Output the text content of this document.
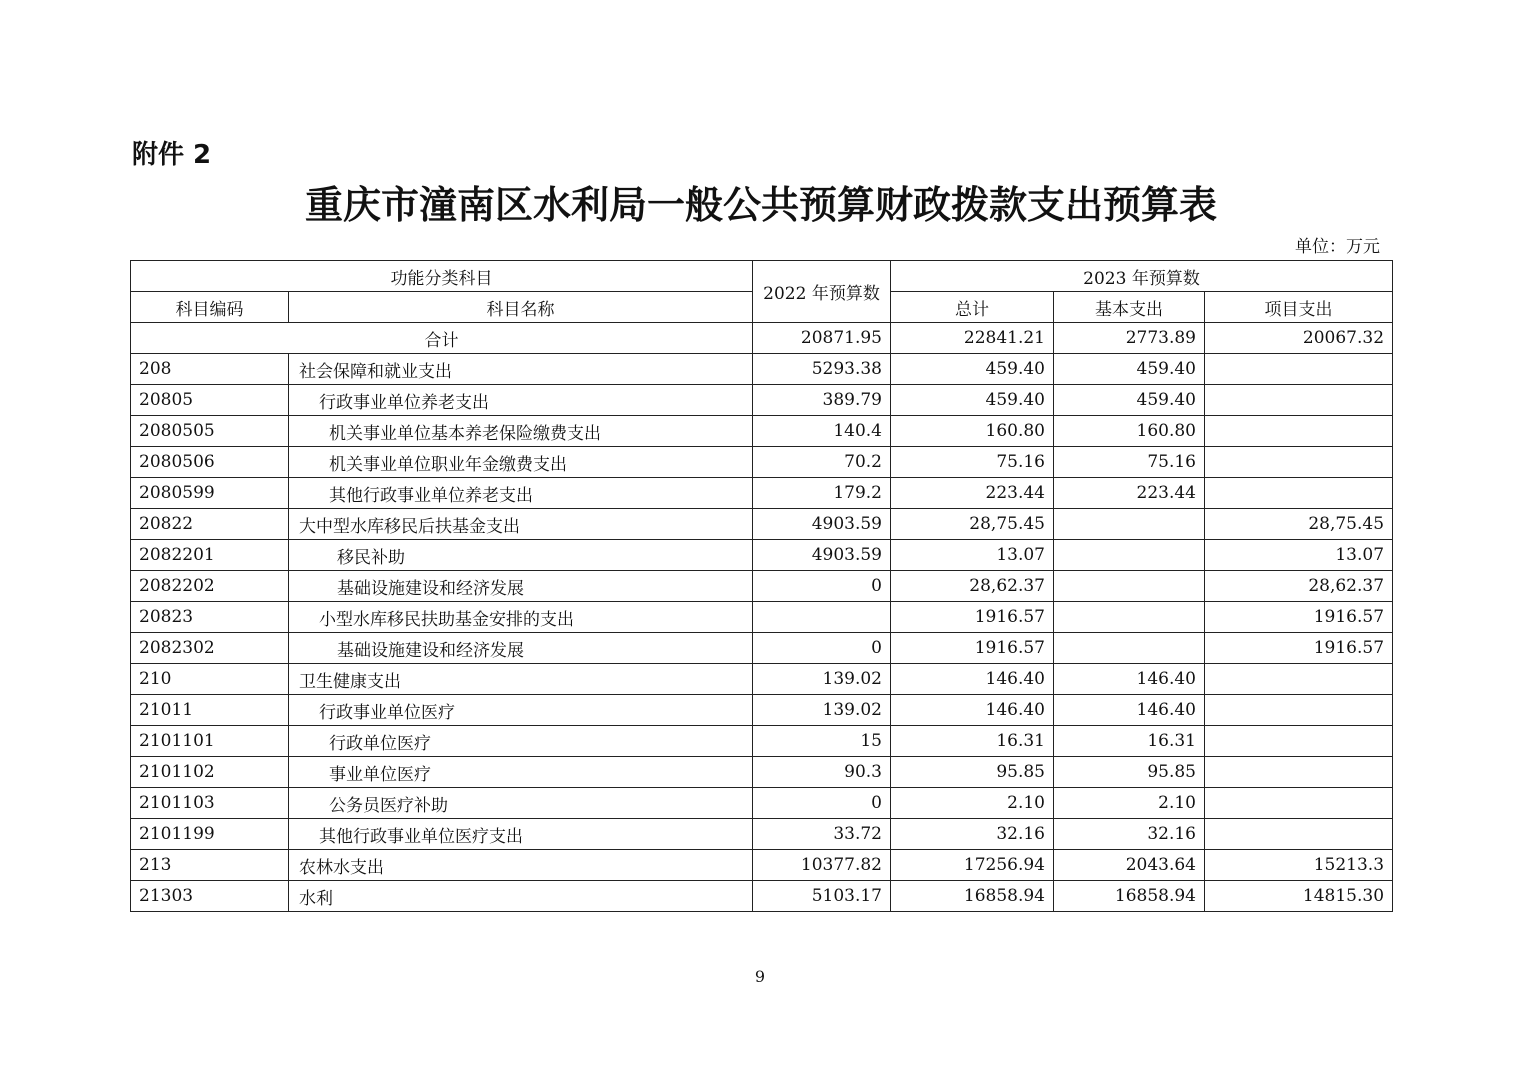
附件 2
重庆市潼南区水利局一般公共预算财政拨款支出预算表
单位：万元
功能分类科目		2022 年预算数	2023 年预算数		
科目编码	科目名称		总计	基本支出	项目支出
合计		20871.95	22841.21	2773.89	20067.32
208	社会保障和就业支出	5293.38	459.40	459.40	
20805	行政事业单位养老支出	389.79	459.40	459.40	
2080505	机关事业单位基本养老保险缴费支出	140.4	160.80	160.80	
2080506	机关事业单位职业年金缴费支出	70.2	75.16	75.16	
2080599	其他行政事业单位养老支出	179.2	223.44	223.44	
20822	大中型水库移民后扶基金支出	4903.59	28,75.45		28,75.45
2082201	移民补助	4903.59	13.07		13.07
2082202	基础设施建设和经济发展	0	28,62.37		28,62.37
20823	小型水库移民扶助基金安排的支出		1916.57		1916.57
2082302	基础设施建设和经济发展	0	1916.57		1916.57
210	卫生健康支出	139.02	146.40	146.40	
21011	行政事业单位医疗	139.02	146.40	146.40	
2101101	行政单位医疗	15	16.31	16.31	
2101102	事业单位医疗	90.3	95.85	95.85	
2101103	公务员医疗补助	0	2.10	2.10	
2101199	其他行政事业单位医疗支出	33.72	32.16	32.16	
213	农林水支出	10377.82	17256.94	2043.64	15213.3
21303	水利	5103.17	16858.94	16858.94	14815.30
9
